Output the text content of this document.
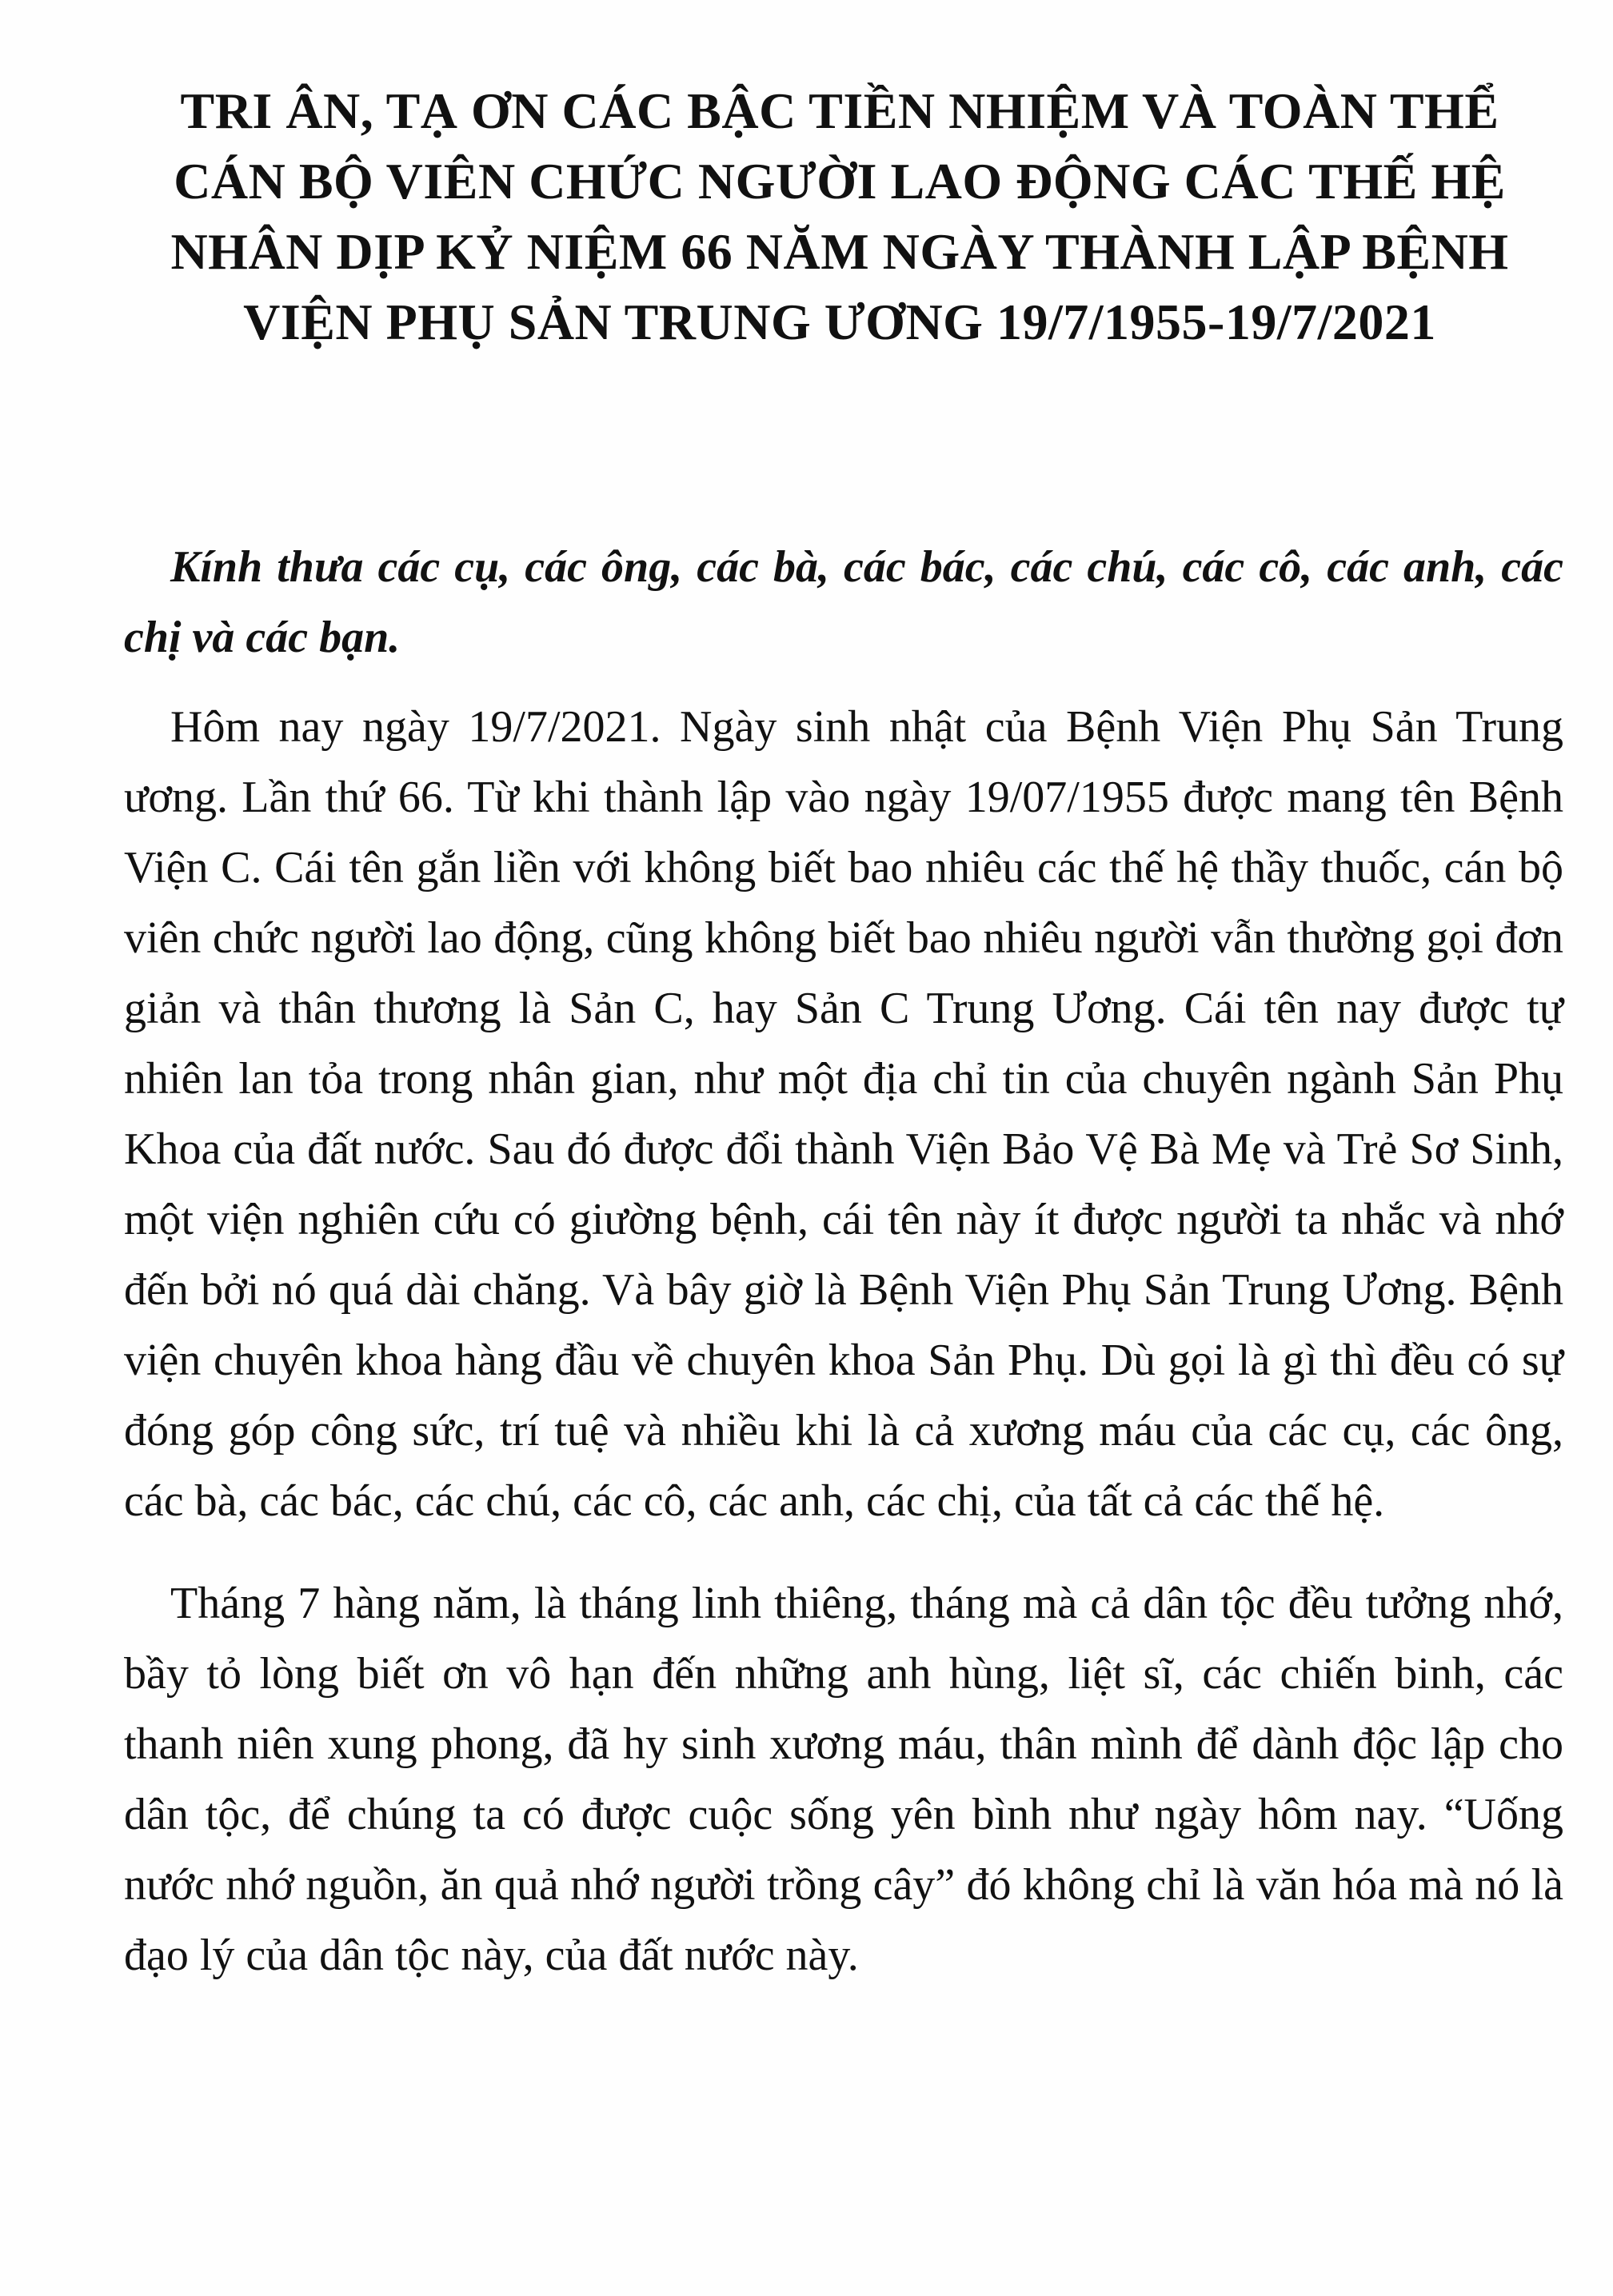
TRI ÂN, TẠ ƠN CÁC BẬC TIỀN NHIỆM VÀ TOÀN THỂ
CÁN BỘ VIÊN CHỨC NGƯỜI LAO ĐỘNG CÁC THẾ HỆ
NHÂN DỊP KỶ NIỆM 66 NĂM NGÀY THÀNH LẬP BỆNH
VIỆN PHỤ SẢN TRUNG ƯƠNG 19/7/1955-19/7/2021

Kính thưa các cụ, các ông, các bà, các bác, các chú, các cô, các anh, các chị và các bạn.

Hôm nay ngày 19/7/2021. Ngày sinh nhật của Bệnh Viện Phụ Sản Trung ương. Lần thứ 66. Từ khi thành lập vào ngày 19/07/1955 được mang tên Bệnh Viện C. Cái tên gắn liền với không biết bao nhiêu các thế hệ thầy thuốc, cán bộ viên chức người lao động, cũng không biết bao nhiêu người vẫn thường gọi đơn giản và thân thương là Sản C, hay Sản C Trung Ương. Cái tên nay được tự nhiên lan tỏa trong nhân gian, như một địa chỉ tin của chuyên ngành Sản Phụ Khoa của đất nước. Sau đó được đổi thành Viện Bảo Vệ Bà Mẹ và Trẻ Sơ Sinh, một viện nghiên cứu có giường bệnh, cái tên này ít được người ta nhắc và nhớ đến bởi nó quá dài chăng. Và bây giờ là Bệnh Viện Phụ Sản Trung Ương. Bệnh viện chuyên khoa hàng đầu về chuyên khoa Sản Phụ. Dù gọi là gì thì đều có sự đóng góp công sức, trí tuệ và nhiều khi là cả xương máu của các cụ, các ông, các bà, các bác, các chú, các cô, các anh, các chị, của tất cả các thế hệ.

Tháng 7 hàng năm, là tháng linh thiêng, tháng mà cả dân tộc đều tưởng nhớ, bầy tỏ lòng biết ơn vô hạn đến những anh hùng, liệt sĩ, các chiến binh, các thanh niên xung phong, đã hy sinh xương máu, thân mình để dành độc lập cho dân tộc, để chúng ta có được cuộc sống yên bình như ngày hôm nay. “Uống nước nhớ nguồn, ăn quả nhớ người trồng cây” đó không chỉ là văn hóa mà nó là đạo lý của dân tộc này, của đất nước này.
